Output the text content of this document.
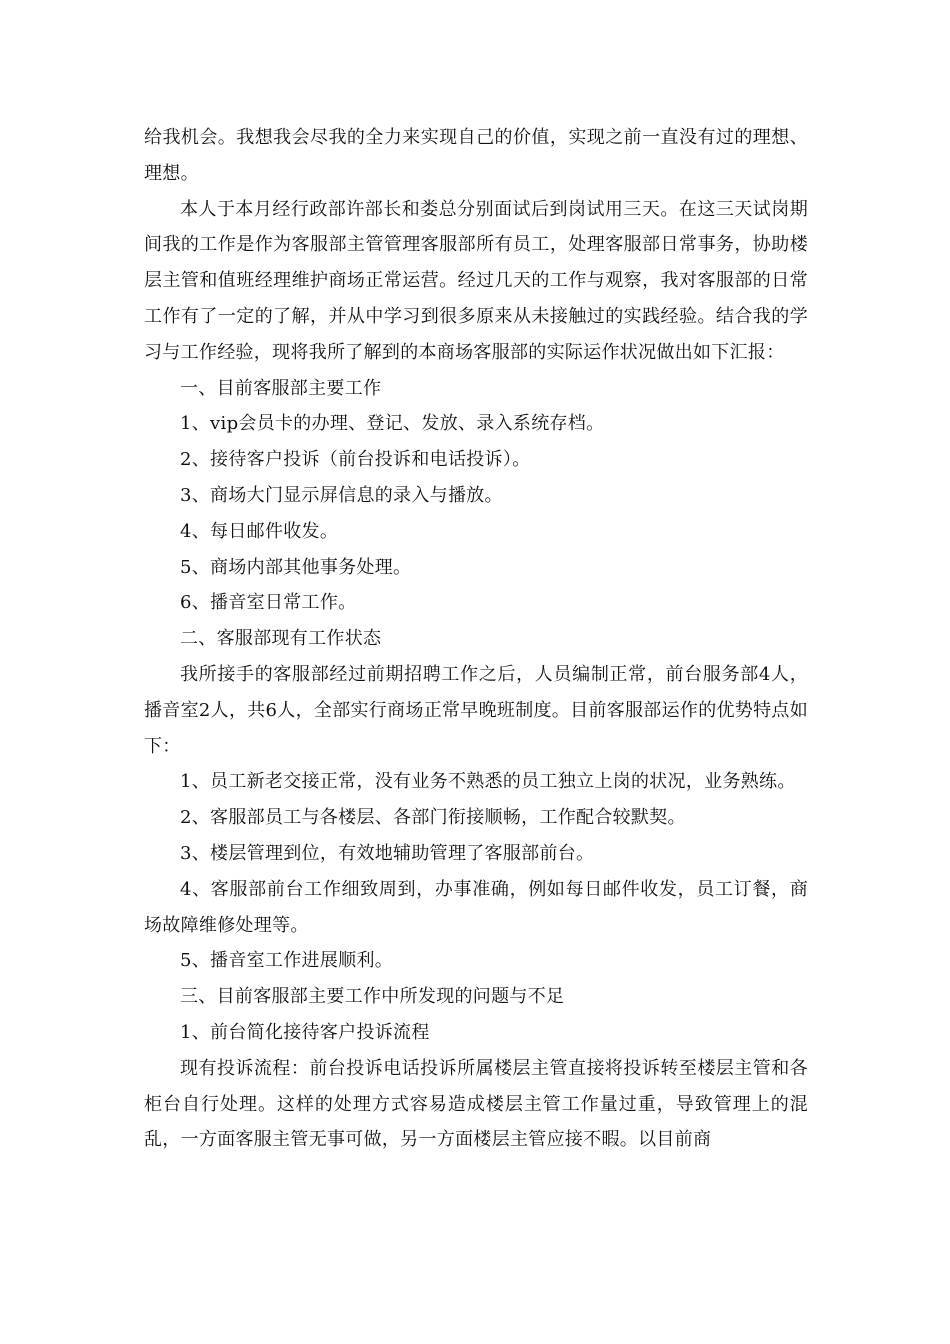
给我机会。我想我会尽我的全力来实现自己的价值，实现之前一直没有过的理想、理想。

本人于本月经行政部许部长和娄总分别面试后到岗试用三天。在这三天试岗期间我的工作是作为客服部主管管理客服部所有员工，处理客服部日常事务，协助楼层主管和值班经理维护商场正常运营。经过几天的工作与观察，我对客服部的日常工作有了一定的了解，并从中学习到很多原来从未接触过的实践经验。结合我的学习与工作经验，现将我所了解到的本商场客服部的实际运作状况做出如下汇报：

一、目前客服部主要工作

1、vip会员卡的办理、登记、发放、录入系统存档。

2、接待客户投诉（前台投诉和电话投诉）。

3、商场大门显示屏信息的录入与播放。

4、每日邮件收发。

5、商场内部其他事务处理。

6、播音室日常工作。

二、客服部现有工作状态

我所接手的客服部经过前期招聘工作之后，人员编制正常，前台服务部4人，播音室2人，共6人，全部实行商场正常早晚班制度。目前客服部运作的优势特点如下：

1、员工新老交接正常，没有业务不熟悉的员工独立上岗的状况，业务熟练。

2、客服部员工与各楼层、各部门衔接顺畅，工作配合较默契。

3、楼层管理到位，有效地辅助管理了客服部前台。

4、客服部前台工作细致周到，办事准确，例如每日邮件收发，员工订餐，商场故障维修处理等。

5、播音室工作进展顺利。

三、目前客服部主要工作中所发现的问题与不足

1、前台简化接待客户投诉流程

现有投诉流程：前台投诉电话投诉所属楼层主管直接将投诉转至楼层主管和各柜台自行处理。这样的处理方式容易造成楼层主管工作量过重，导致管理上的混乱，一方面客服主管无事可做，另一方面楼层主管应接不暇。以目前商
